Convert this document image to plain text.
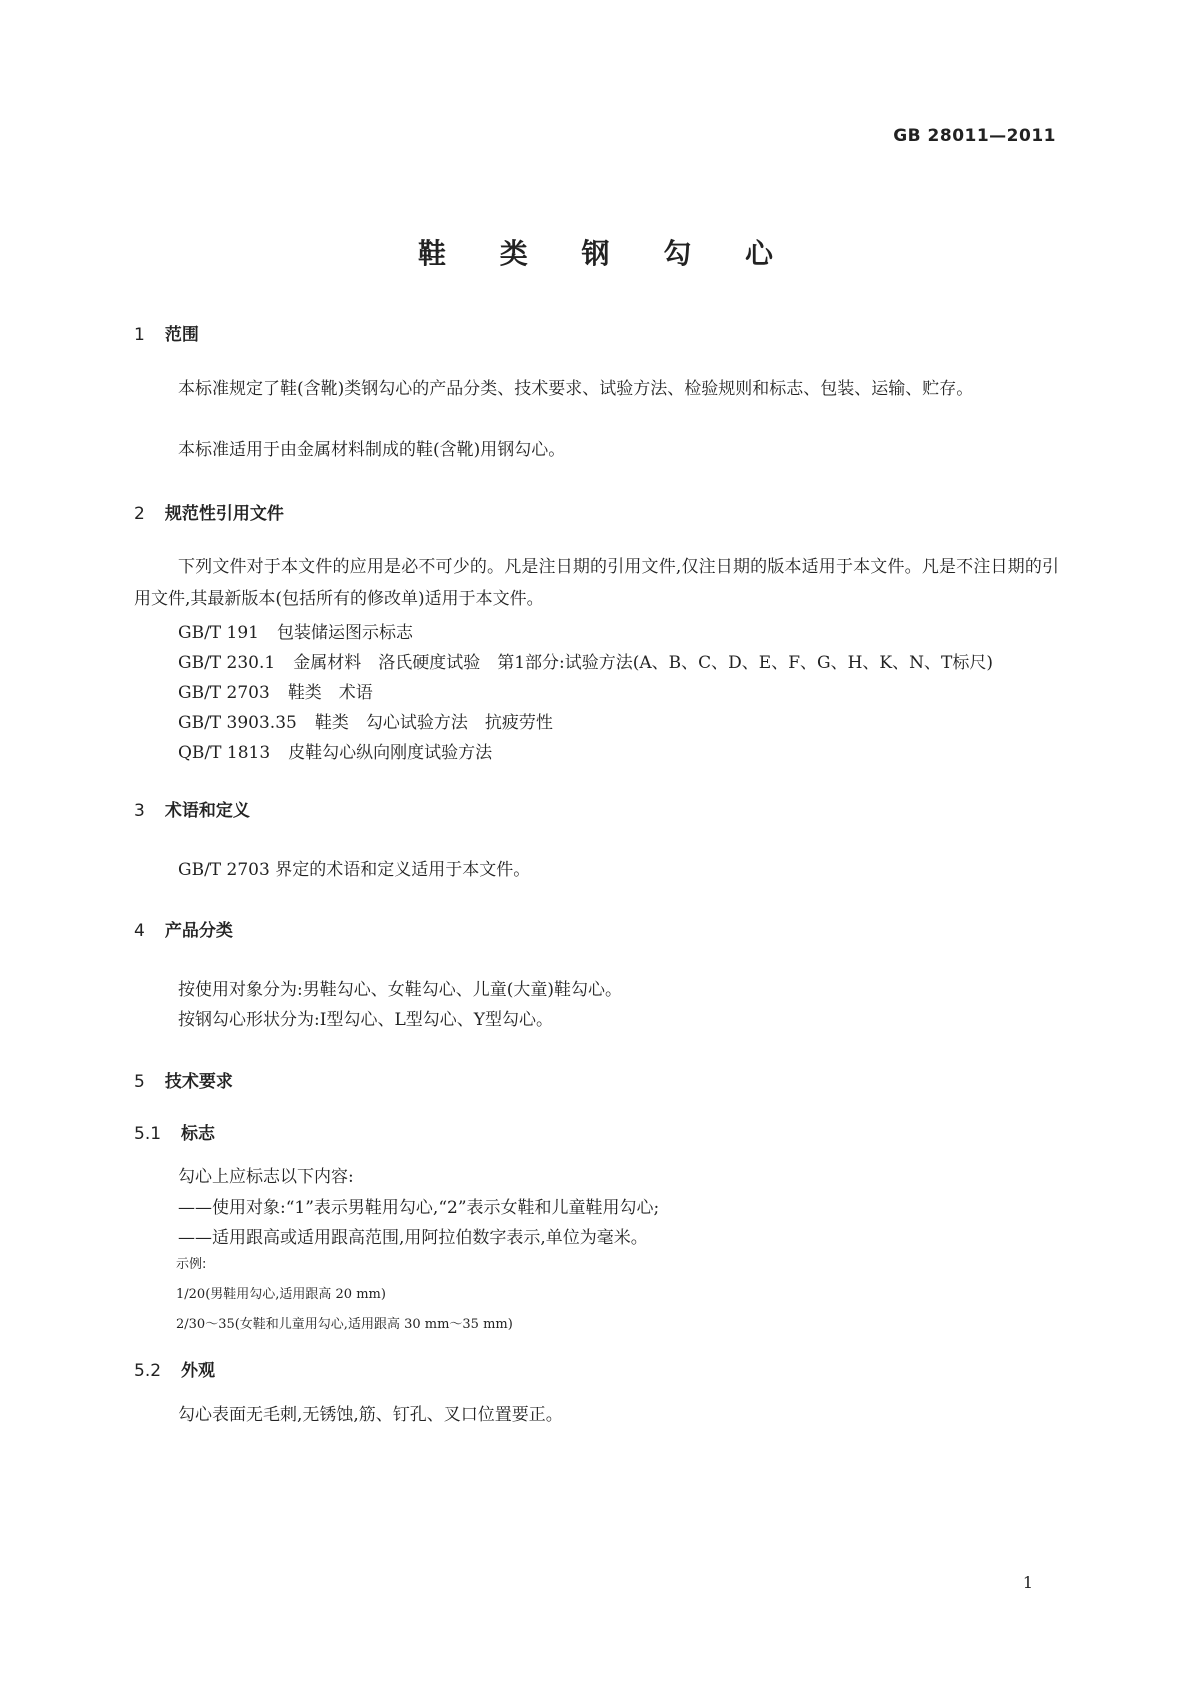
GB 28011—2011
鞋 类 钢 勾 心
1 范围
本标准规定了鞋(含靴)类钢勾心的产品分类、技术要求、试验方法、检验规则和标志、包装、运输、贮存。
本标准适用于由金属材料制成的鞋(含靴)用钢勾心。
2 规范性引用文件
下列文件对于本文件的应用是必不可少的。凡是注日期的引用文件,仅注日期的版本适用于本文件。凡是不注日期的引用文件,其最新版本(包括所有的修改单)适用于本文件。
GB/T 191 包装储运图示标志
GB/T 230.1 金属材料　洛氏硬度试验　第1部分:试验方法(A、B、C、D、E、F、G、H、K、N、T标尺)
GB/T 2703 鞋类　术语
GB/T 3903.35 鞋类　勾心试验方法　抗疲劳性
QB/T 1813 皮鞋勾心纵向刚度试验方法
3 术语和定义
GB/T 2703 界定的术语和定义适用于本文件。
4 产品分类
按使用对象分为:男鞋勾心、女鞋勾心、儿童(大童)鞋勾心。
按钢勾心形状分为:Ⅰ型勾心、L型勾心、Y型勾心。
5 技术要求
5.1 标志
勾心上应标志以下内容:
——使用对象:“1”表示男鞋用勾心,“2”表示女鞋和儿童鞋用勾心;
——适用跟高或适用跟高范围,用阿拉伯数字表示,单位为毫米。
示例:
1/20(男鞋用勾心,适用跟高 20 mm)
2/30～35(女鞋和儿童用勾心,适用跟高 30 mm～35 mm)
5.2 外观
勾心表面无毛刺,无锈蚀,筋、钉孔、叉口位置要正。
1
